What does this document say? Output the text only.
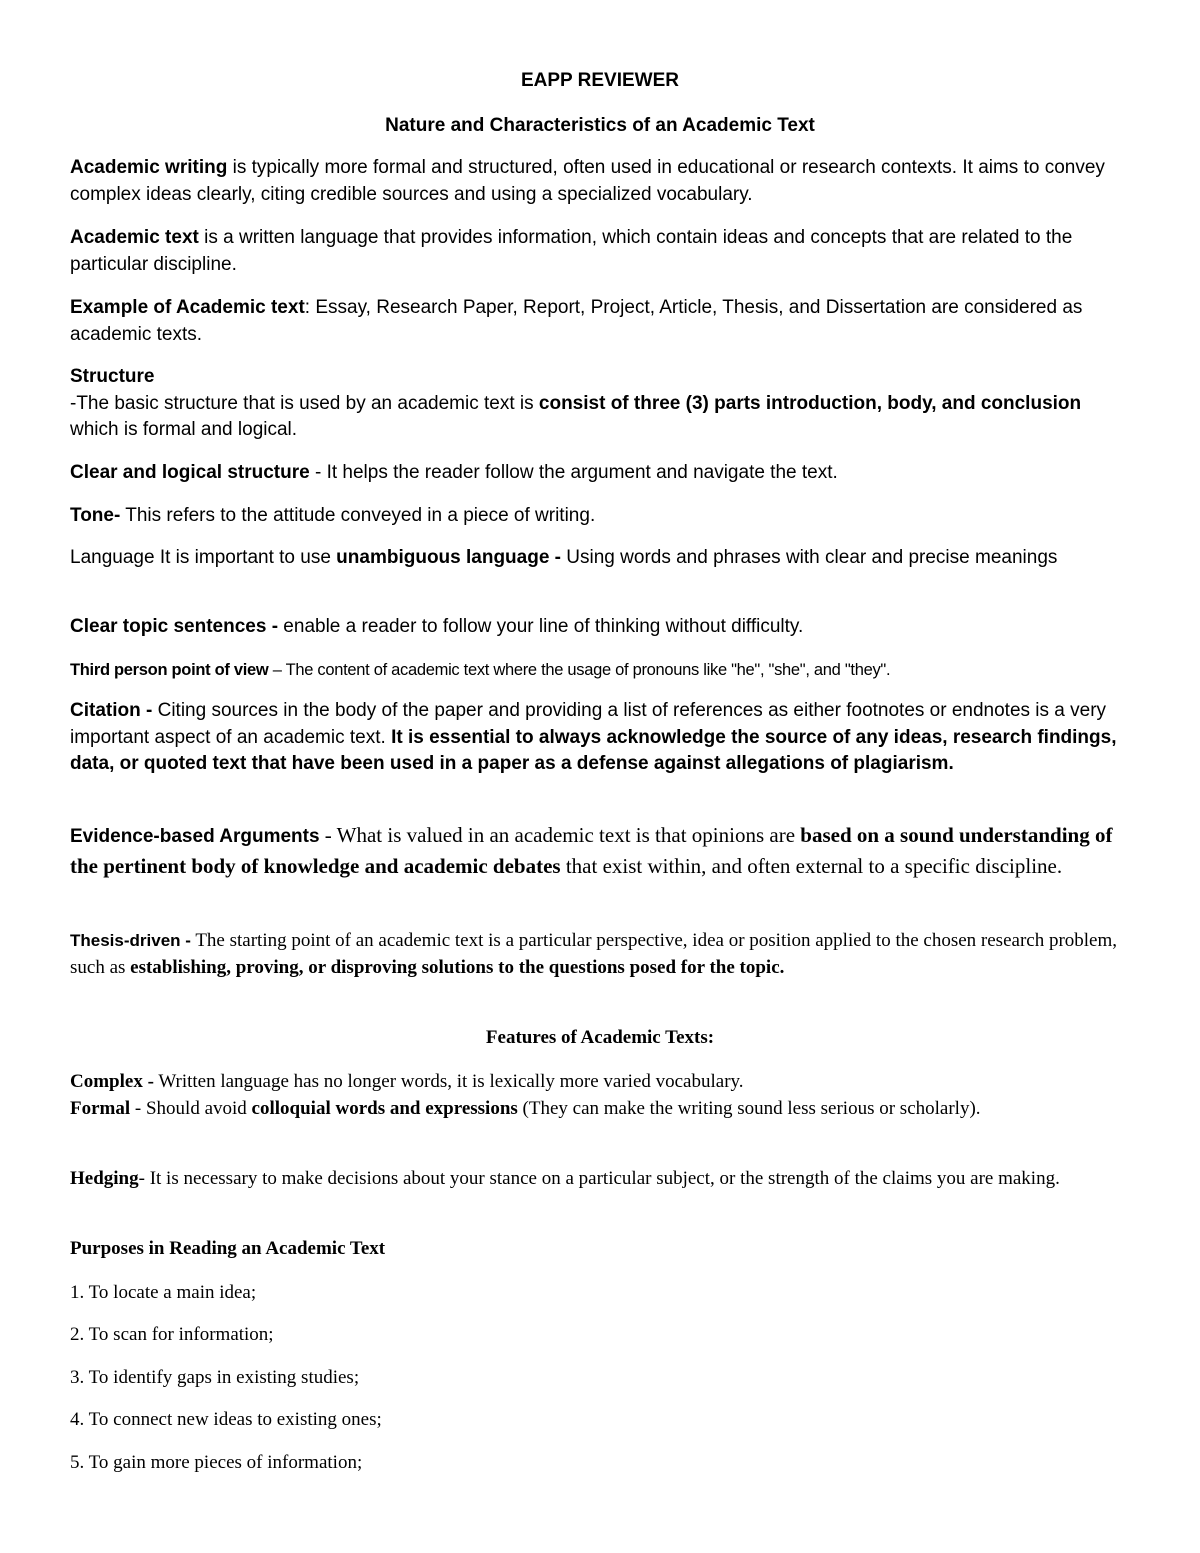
EAPP REVIEWER

Nature and Characteristics of an Academic Text

Academic writing is typically more formal and structured, often used in educational or research contexts. It aims to convey complex ideas clearly, citing credible sources and using a specialized vocabulary.

Academic text is a written language that provides information, which contain ideas and concepts that are related to the particular discipline.

Example of Academic text: Essay, Research Paper, Report, Project, Article, Thesis, and Dissertation are considered as academic texts.

Structure
-The basic structure that is used by an academic text is consist of three (3) parts introduction, body, and conclusion which is formal and logical.

Clear and logical structure - It helps the reader follow the argument and navigate the text.

Tone- This refers to the attitude conveyed in a piece of writing.

Language It is important to use unambiguous language - Using words and phrases with clear and precise meanings

Clear topic sentences - enable a reader to follow your line of thinking without difficulty.

Third person point of view – The content of academic text where the usage of pronouns like "he", "she", and "they".

Citation - Citing sources in the body of the paper and providing a list of references as either footnotes or endnotes is a very important aspect of an academic text. It is essential to always acknowledge the source of any ideas, research findings, data, or quoted text that have been used in a paper as a defense against allegations of plagiarism.

Evidence-based Arguments - What is valued in an academic text is that opinions are based on a sound understanding of the pertinent body of knowledge and academic debates that exist within, and often external to a specific discipline.

Thesis-driven - The starting point of an academic text is a particular perspective, idea or position applied to the chosen research problem, such as establishing, proving, or disproving solutions to the questions posed for the topic.

Features of Academic Texts:

Complex - Written language has no longer words, it is lexically more varied vocabulary.
Formal - Should avoid colloquial words and expressions (They can make the writing sound less serious or scholarly).

Hedging- It is necessary to make decisions about your stance on a particular subject, or the strength of the claims you are making.

Purposes in Reading an Academic Text

1. To locate a main idea;

2. To scan for information;

3. To identify gaps in existing studies;

4. To connect new ideas to existing ones;

5. To gain more pieces of information;
